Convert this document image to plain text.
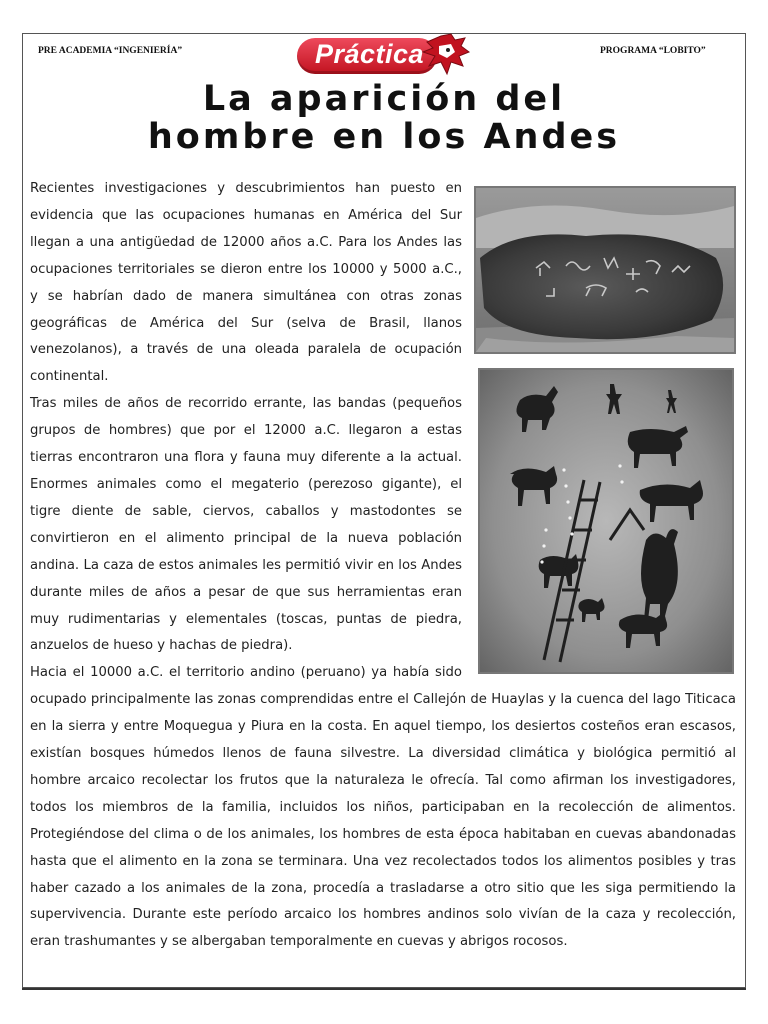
PRE ACADEMIA “INGENIERÍA”	PROGRAMA “LOBITO”
Práctica
La aparición del
hombre en los Andes

Recientes investigaciones y descubrimientos han puesto en evidencia que las ocupaciones humanas en América del Sur llegan a una antigüedad de 12000 años a.C. Para los Andes las ocupaciones territoriales se dieron entre los 10000 y 5000 a.C., y se habrían dado de manera simultánea con otras zonas geográficas de América del Sur (selva de Brasil, llanos venezolanos), a través de una oleada paralela de ocupación continental.

Tras miles de años de recorrido errante, las bandas (pequeños grupos de hombres) que por el 12000 a.C. llegaron a estas tierras encontraron una flora y fauna muy diferente a la actual. Enormes animales como el megaterio (perezoso gigante), el tigre diente de sable, ciervos, caballos y mastodontes se convirtieron en el alimento principal de la nueva población andina. La caza de estos animales les permitió vivir en los Andes durante miles de años a pesar de que sus herramientas eran muy rudimentarias y elementales (toscas, puntas de piedra, anzuelos de hueso y hachas de piedra).

Hacia el 10000 a.C. el territorio andino (peruano) ya había sido ocupado principalmente las zonas comprendidas entre el Callejón de Huaylas y la cuenca del lago Titicaca en la sierra y entre Moquegua y Piura en la costa. En aquel tiempo, los desiertos costeños eran escasos, existían bosques húmedos llenos de fauna silvestre. La diversidad climática y biológica permitió al hombre arcaico recolectar los frutos que la naturaleza le ofrecía. Tal como afirman los investigadores, todos los miembros de la familia, incluidos los niños, participaban en la recolección de alimentos. Protegiéndose del clima o de los animales, los hombres de esta época habitaban en cuevas abandonadas hasta que el alimento en la zona se terminara. Una vez recolectados todos los alimentos posibles y tras haber cazado a los animales de la zona, procedía a trasladarse a otro sitio que les siga permitiendo la supervivencia. Durante este período arcaico los hombres andinos solo vivían de la caza y recolección, eran trashumantes y se albergaban temporalmente en cuevas y abrigos rocosos.
